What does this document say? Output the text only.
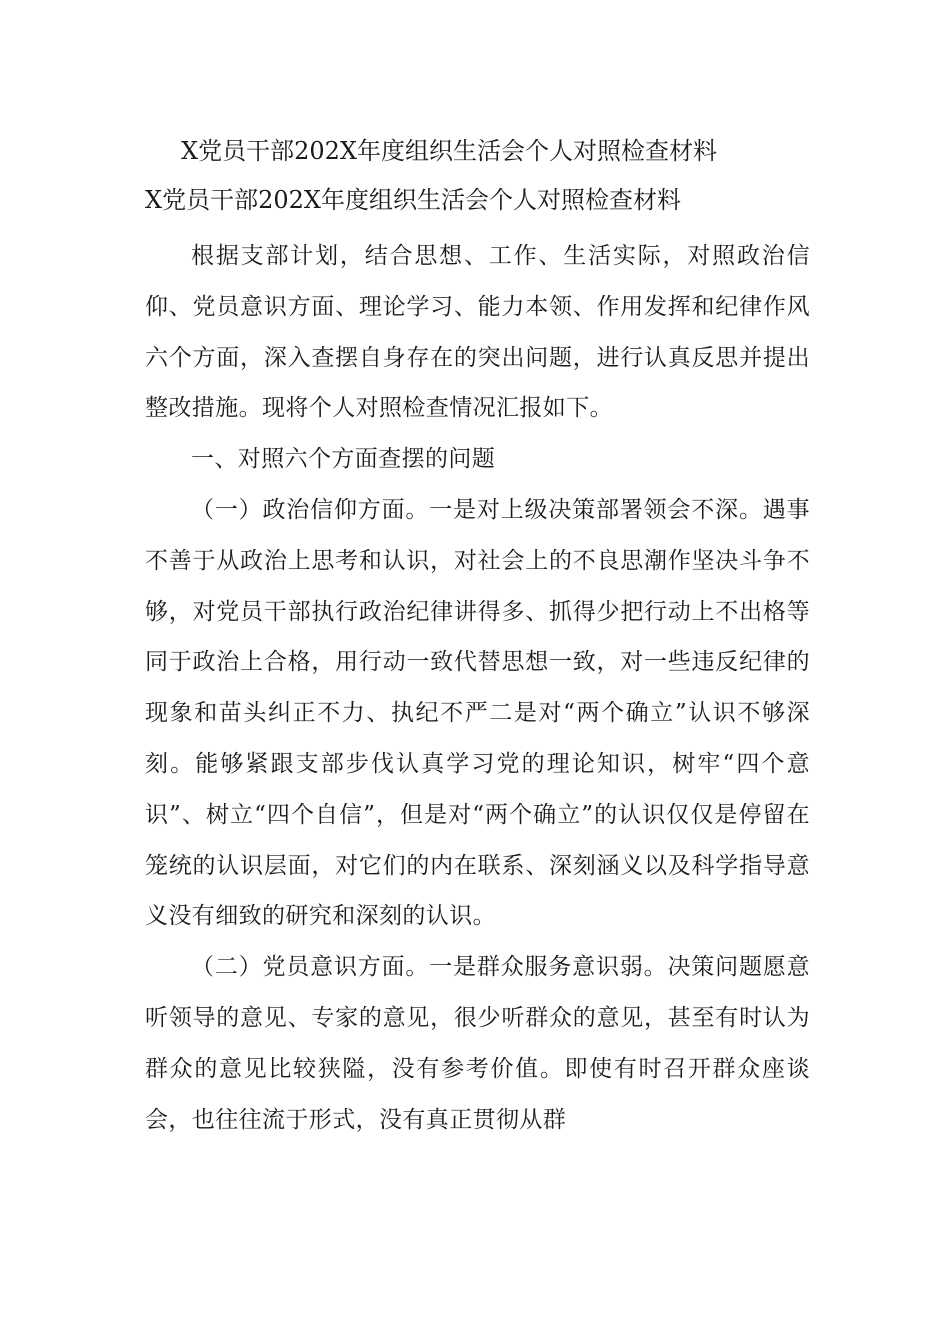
X党员干部202X年度组织生活会个人对照检查材料
X党员干部202X年度组织生活会个人对照检查材料

根据支部计划，结合思想、工作、生活实际，对照政治信仰、党员意识方面、理论学习、能力本领、作用发挥和纪律作风六个方面，深入查摆自身存在的突出问题，进行认真反思并提出整改措施。现将个人对照检查情况汇报如下。

一、对照六个方面查摆的问题

（一）政治信仰方面。一是对上级决策部署领会不深。遇事不善于从政治上思考和认识，对社会上的不良思潮作坚决斗争不够，对党员干部执行政治纪律讲得多、抓得少把行动上不出格等同于政治上合格，用行动一致代替思想一致，对一些违反纪律的现象和苗头纠正不力、执纪不严二是对“两个确立”认识不够深刻。能够紧跟支部步伐认真学习党的理论知识，树牢“四个意识”、树立“四个自信”，但是对“两个确立”的认识仅仅是停留在笼统的认识层面，对它们的内在联系、深刻涵义以及科学指导意义没有细致的研究和深刻的认识。

（二）党员意识方面。一是群众服务意识弱。决策问题愿意听领导的意见、专家的意见，很少听群众的意见，甚至有时认为群众的意见比较狭隘，没有参考价值。即使有时召开群众座谈会，也往往流于形式，没有真正贯彻从群
